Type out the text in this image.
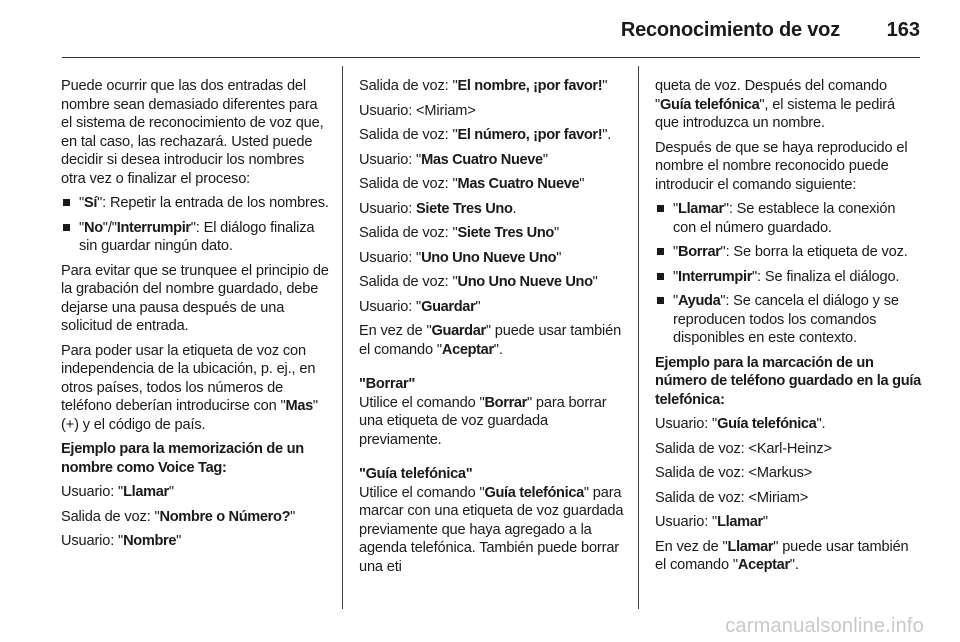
Reconocimiento de voz 163

Puede ocurrir que las dos entradas del nombre sean demasiado diferentes para el sistema de reconocimiento de voz que, en tal caso, las rechazará. Usted puede decidir si desea introducir los nombres otra vez o finalizar el proceso:

"Sí": Repetir la entrada de los nombres.
"No"/"Interrumpir": El diálogo finaliza sin guardar ningún dato.

Para evitar que se trunquee el principio de la grabación del nombre guardado, debe dejarse una pausa después de una solicitud de entrada.

Para poder usar la etiqueta de voz con independencia de la ubicación, p. ej., en otros países, todos los números de teléfono deberían introducirse con "Mas" (+) y el código de país.

Ejemplo para la memorización de un nombre como Voice Tag:

Usuario: "Llamar"

Salida de voz: "Nombre o Número?"

Usuario: "Nombre"

Salida de voz: "El nombre, ¡por favor!"

Usuario: <Miriam>

Salida de voz: "El número, ¡por favor!".

Usuario: "Mas Cuatro Nueve"

Salida de voz: "Mas Cuatro Nueve"

Usuario: Siete Tres Uno.

Salida de voz: "Siete Tres Uno"

Usuario: "Uno Uno Nueve Uno"

Salida de voz: "Uno Uno Nueve Uno"

Usuario: "Guardar"

En vez de "Guardar" puede usar también el comando "Aceptar".

"Borrar"

Utilice el comando "Borrar" para borrar una etiqueta de voz guardada previamente.

"Guía telefónica"

Utilice el comando "Guía telefónica" para marcar con una etiqueta de voz guardada previamente que haya agregado a la agenda telefónica. También puede borrar una eti

queta de voz. Después del comando "Guía telefónica", el sistema le pedirá que introduzca un nombre.

Después de que se haya reproducido el nombre el nombre reconocido puede introducir el comando siguiente:

"Llamar": Se establece la conexión con el número guardado.
"Borrar": Se borra la etiqueta de voz.
"Interrumpir": Se finaliza el diálogo.
"Ayuda": Se cancela el diálogo y se reproducen todos los comandos disponibles en este contexto.
Ejemplo para la marcación de un número de teléfono guardado en la guía telefónica:

Usuario: "Guía telefónica".

Salida de voz: <Karl-Heinz>

Salida de voz: <Markus>

Salida de voz: <Miriam>

Usuario: "Llamar"

En vez de "Llamar" puede usar también el comando "Aceptar".

carmanualsonline.info
